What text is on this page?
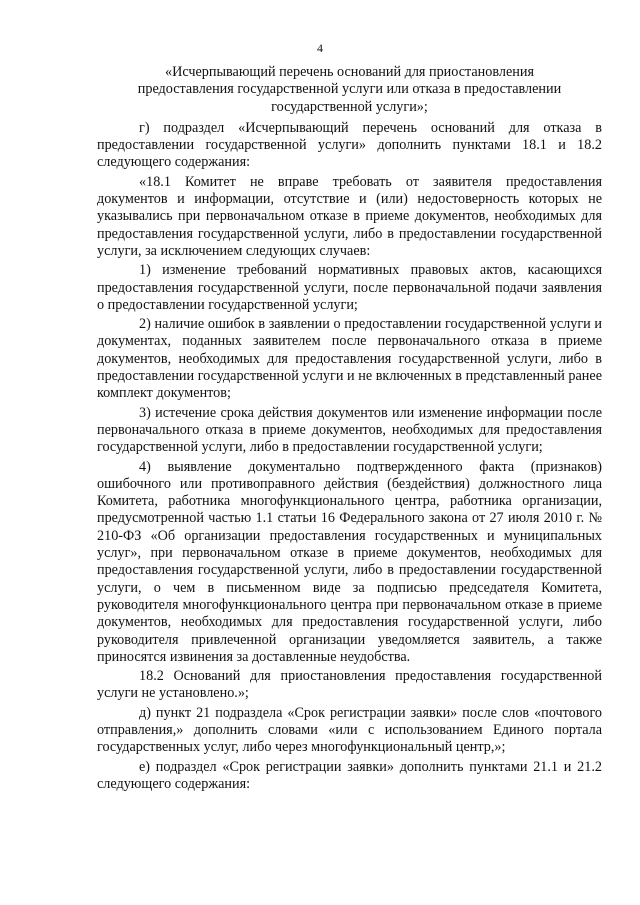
4
«Исчерпывающий перечень оснований для приостановления
предоставления государственной услуги или отказа в предоставлении
государственной услуги»;

г) подраздел «Исчерпывающий перечень оснований для отказа в предоставлении государственной услуги» дополнить пунктами 18.1 и 18.2 следующего содержания:

«18.1 Комитет не вправе требовать от заявителя предоставления документов и информации, отсутствие и (или) недостоверность которых не указывались при первоначальном отказе в приеме документов, необходимых для предоставления государственной услуги, либо в предоставлении государственной услуги, за исключением следующих случаев:

1) изменение требований нормативных правовых актов, касающихся предоставления государственной услуги, после первоначальной подачи заявления о предоставлении государственной услуги;

2) наличие ошибок в заявлении о предоставлении государственной услуги и документах, поданных заявителем после первоначального отказа в приеме документов, необходимых для предоставления государственной услуги, либо в предоставлении государственной услуги и не включенных в представленный ранее комплект документов;

3) истечение срока действия документов или изменение информации после первоначального отказа в приеме документов, необходимых для предоставления государственной услуги, либо в предоставлении государственной услуги;

4) выявление документально подтвержденного факта (признаков) ошибочного или противоправного действия (бездействия) должностного лица Комитета, работника многофункционального центра, работника организации, предусмотренной частью 1.1 статьи 16 Федерального закона от 27 июля 2010 г. № 210-ФЗ «Об организации предоставления государственных и муниципальных услуг», при первоначальном отказе в приеме документов, необходимых для предоставления государственной услуги, либо в предоставлении государственной услуги, о чем в письменном виде за подписью председателя Комитета, руководителя многофункционального центра при первоначальном отказе в приеме документов, необходимых для предоставления государственной услуги, либо руководителя привлеченной организации уведомляется заявитель, а также приносятся извинения за доставленные неудобства.

18.2 Оснований для приостановления предоставления государственной услуги не установлено.»;

д) пункт 21 подраздела «Срок регистрации заявки» после слов «почтового отправления,» дополнить словами «или с использованием Единого портала государственных услуг, либо через многофункциональный центр,»;

е) подраздел «Срок регистрации заявки» дополнить пунктами 21.1 и 21.2 следующего содержания:
